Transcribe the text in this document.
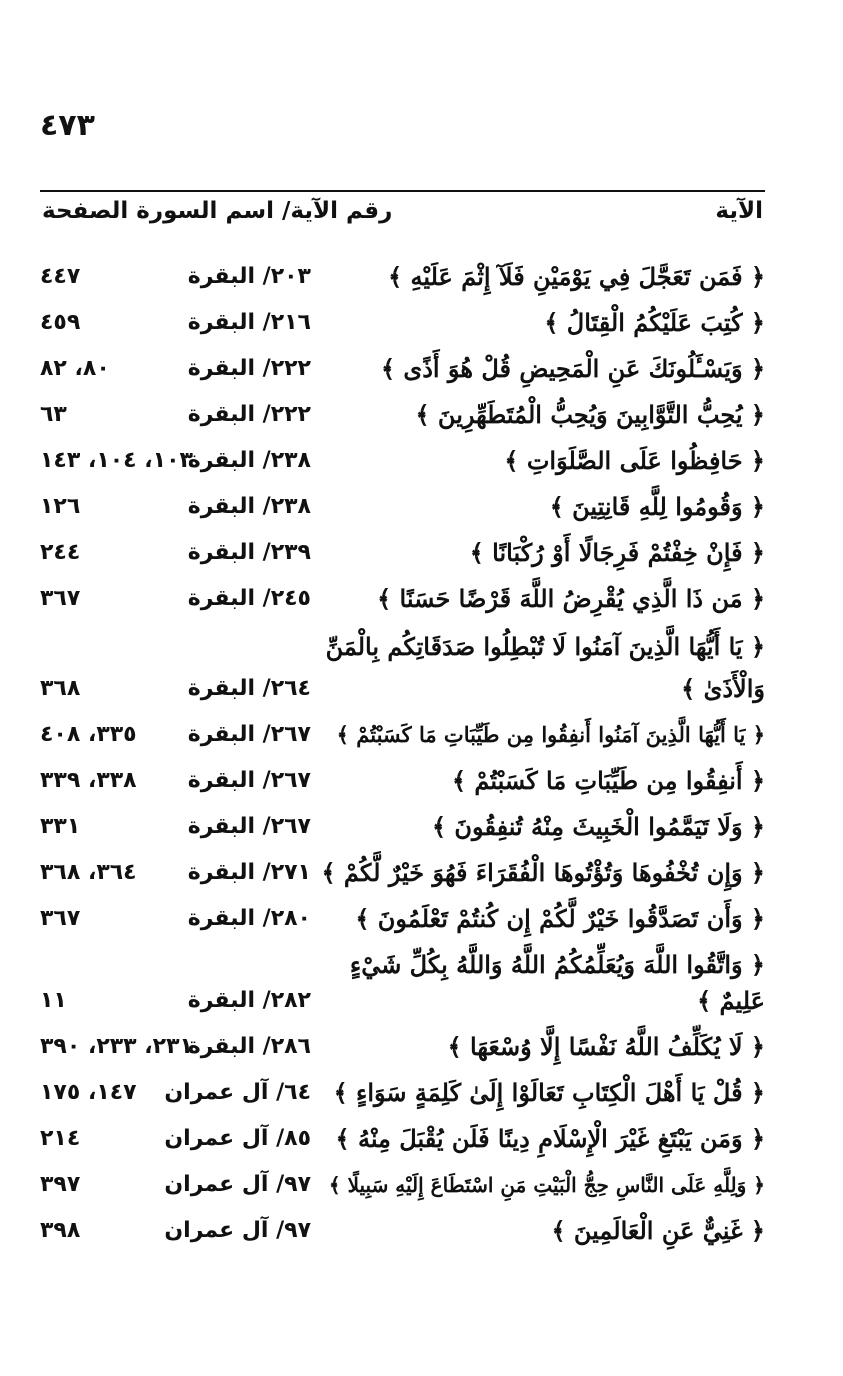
٤٧٣
الآية
رقم الآية/ اسم السورة الصفحة
﴿ فَمَن تَعَجَّلَ فِي يَوْمَيْنِ فَلَآ إِثْمَ عَلَيْهِ ﴾
٢٠٣/ البقرة
٤٤٧
﴿ كُتِبَ عَلَيْكُمُ الْقِتَالُ ﴾
٢١٦/ البقرة
٤٥٩
﴿ وَيَسْـَٔلُونَكَ عَنِ الْمَحِيضِ قُلْ هُوَ أَذًى ﴾
٢٢٢/ البقرة
٨٠، ٨٢
﴿ يُحِبُّ التَّوَّابِينَ وَيُحِبُّ الْمُتَطَهِّرِينَ ﴾
٢٢٢/ البقرة
٦٣
﴿ حَافِظُوا عَلَى الصَّلَوَاتِ ﴾
٢٣٨/ البقرة
١٠٣، ١٠٤، ١٤٣
﴿ وَقُومُوا لِلَّهِ قَانِتِينَ ﴾
٢٣٨/ البقرة
١٢٦
﴿ فَإِنْ خِفْتُمْ فَرِجَالًا أَوْ رُكْبَانًا ﴾
٢٣٩/ البقرة
٢٤٤
﴿ مَن ذَا الَّذِي يُقْرِضُ اللَّهَ قَرْضًا حَسَنًا ﴾
٢٤٥/ البقرة
٣٦٧
﴿ يَا أَيُّهَا الَّذِينَ آمَنُوا لَا تُبْطِلُوا صَدَقَاتِكُم بِالْمَنِّ
وَالْأَذَىٰ ﴾
٢٦٤/ البقرة
٣٦٨
﴿ يَا أَيُّهَا الَّذِينَ آمَنُوا أَنفِقُوا مِن طَيِّبَاتِ مَا كَسَبْتُمْ ﴾
٢٦٧/ البقرة
٣٣٥، ٤٠٨
﴿ أَنفِقُوا مِن طَيِّبَاتِ مَا كَسَبْتُمْ ﴾
٢٦٧/ البقرة
٣٣٨، ٣٣٩
﴿ وَلَا تَيَمَّمُوا الْخَبِيثَ مِنْهُ تُنفِقُونَ ﴾
٢٦٧/ البقرة
٣٣١
﴿ وَإِن تُخْفُوهَا وَتُؤْتُوهَا الْفُقَرَاءَ فَهُوَ خَيْرٌ لَّكُمْ ﴾
٢٧١/ البقرة
٣٦٤، ٣٦٨
﴿ وَأَن تَصَدَّقُوا خَيْرٌ لَّكُمْ إِن كُنتُمْ تَعْلَمُونَ ﴾
٢٨٠/ البقرة
٣٦٧
﴿ وَاتَّقُوا اللَّهَ وَيُعَلِّمُكُمُ اللَّهُ وَاللَّهُ بِكُلِّ شَيْءٍ
عَلِيمٌ ﴾
٢٨٢/ البقرة
١١
﴿ لَا يُكَلِّفُ اللَّهُ نَفْسًا إِلَّا وُسْعَهَا ﴾
٢٨٦/ البقرة
٢٣١، ٢٣٣، ٣٩٠
﴿ قُلْ يَا أَهْلَ الْكِتَابِ تَعَالَوْا إِلَىٰ كَلِمَةٍ سَوَاءٍ ﴾
٦٤/ آل عمران
١٤٧، ١٧٥
﴿ وَمَن يَبْتَغِ غَيْرَ الْإِسْلَامِ دِينًا فَلَن يُقْبَلَ مِنْهُ ﴾
٨٥/ آل عمران
٢١٤
﴿ وَلِلَّهِ عَلَى النَّاسِ حِجُّ الْبَيْتِ مَنِ اسْتَطَاعَ إِلَيْهِ سَبِيلًا ﴾
٩٧/ آل عمران
٣٩٧
﴿ غَنِيٌّ عَنِ الْعَالَمِينَ ﴾
٩٧/ آل عمران
٣٩٨
